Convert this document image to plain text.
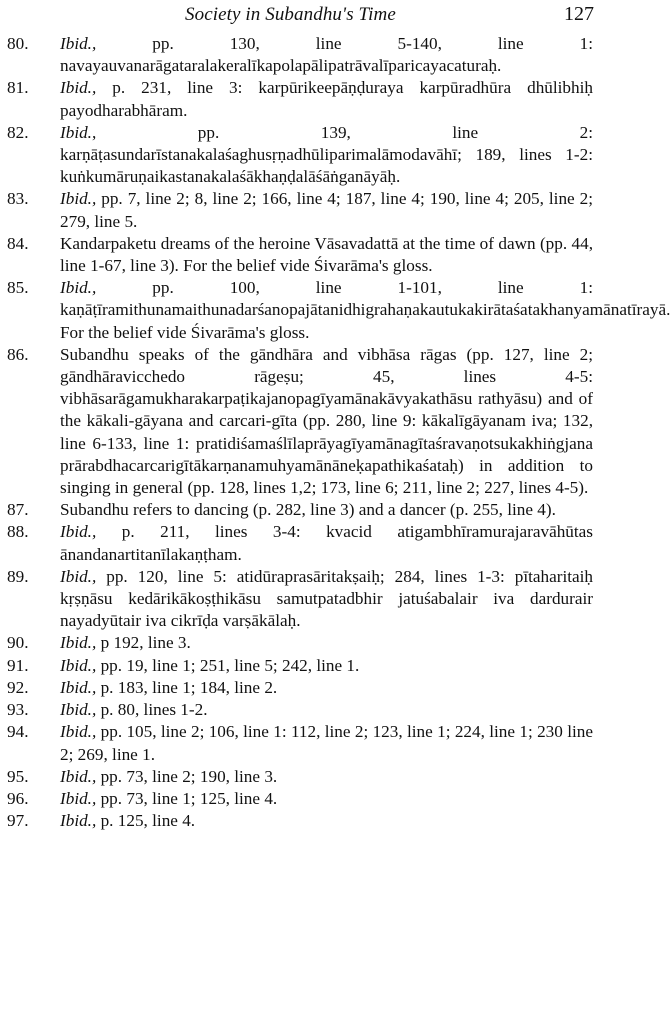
Society in Subandhu's Time	127
80. Ibid., pp. 130, line 5-140, line 1: navayauvanarāgataralakeralīkapolapālipatrāvalīparicayacaturaḥ.
81. Ibid., p. 231, line 3: karpūrikeepāṇḍuraya karpūradhūra dhūlibhiḥ payodharabhāram.
82. Ibid., pp. 139, line 2: karṇāṭasundarīstanakalaśaghusṛṇadhūliparimalāmodavāhī; 189, lines 1-2: kuṅkumāruṇaikastanakalaśākhaṇḍalāśāṅganāyāḥ.
83. Ibid., pp. 7, line 2; 8, line 2; 166, line 4; 187, line 4; 190, line 4; 205, line 2; 279, line 5.
84. Kandarpaketu dreams of the heroine Vāsavadattā at the time of dawn (pp. 44, line 1-67, line 3). For the belief vide Śivarāma's gloss.
85. Ibid., pp. 100, line 1-101, line 1: kaṇāṭīramithunamaithunadarśanopajātanidhigrahaṇakautukakirātaśatakhanyamānatīrayā. For the belief vide Śivarāma's gloss.
86. Subandhu speaks of the gāndhāra and vibhāsa rāgas (pp. 127, line 2; gāndhāravicchedo rāgeṣu; 45, lines 4-5: vibhāsarāgamukharakarpaṭikajanopagīyamānakāvyakathāsu rathyāsu) and of the kākali-gāyana and carcari-gīta (pp. 280, line 9: kākalīgāyanam iva; 132, line 6-133, line 1: pratidiśamaślīlaprāyagīyamānagītaśravaṇotsukakhiṅgjana prārabdhacarcarigītākarṇanamuhyamānāneḳapathikaśataḥ) in addition to singing in general (pp. 128, lines 1,2; 173, line 6; 211, line 2; 227, lines 4-5).
87. Subandhu refers to dancing (p. 282, line 3) and a dancer (p. 255, line 4).
88. Ibid., p. 211, lines 3-4: kvacid atigambhīramurajaravāhūtas ānandanartitanīlakaṇṭham.
89. Ibid., pp. 120, line 5: atidūraprasāritakṣaiḥ; 284, lines 1-3: pītaharitaiḥ kṛṣṇāsu kedārikākoṣṭhikāsu samutpatadbhir jatuśabalair iva dardurair nayadyūtair iva cikrīḍa varṣākālaḥ.
90. Ibid., p 192, line 3.
91. Ibid., pp. 19, line 1; 251, line 5; 242, line 1.
92. Ibid., p. 183, line 1; 184, line 2.
93. Ibid., p. 80, lines 1-2.
94. Ibid., pp. 105, line 2; 106, line 1: 112, line 2; 123, line 1; 224, line 1; 230 line 2; 269, line 1.
95. Ibid., pp. 73, line 2; 190, line 3.
96. Ibid., pp. 73, line 1; 125, line 4.
97. Ibid., p. 125, line 4.
